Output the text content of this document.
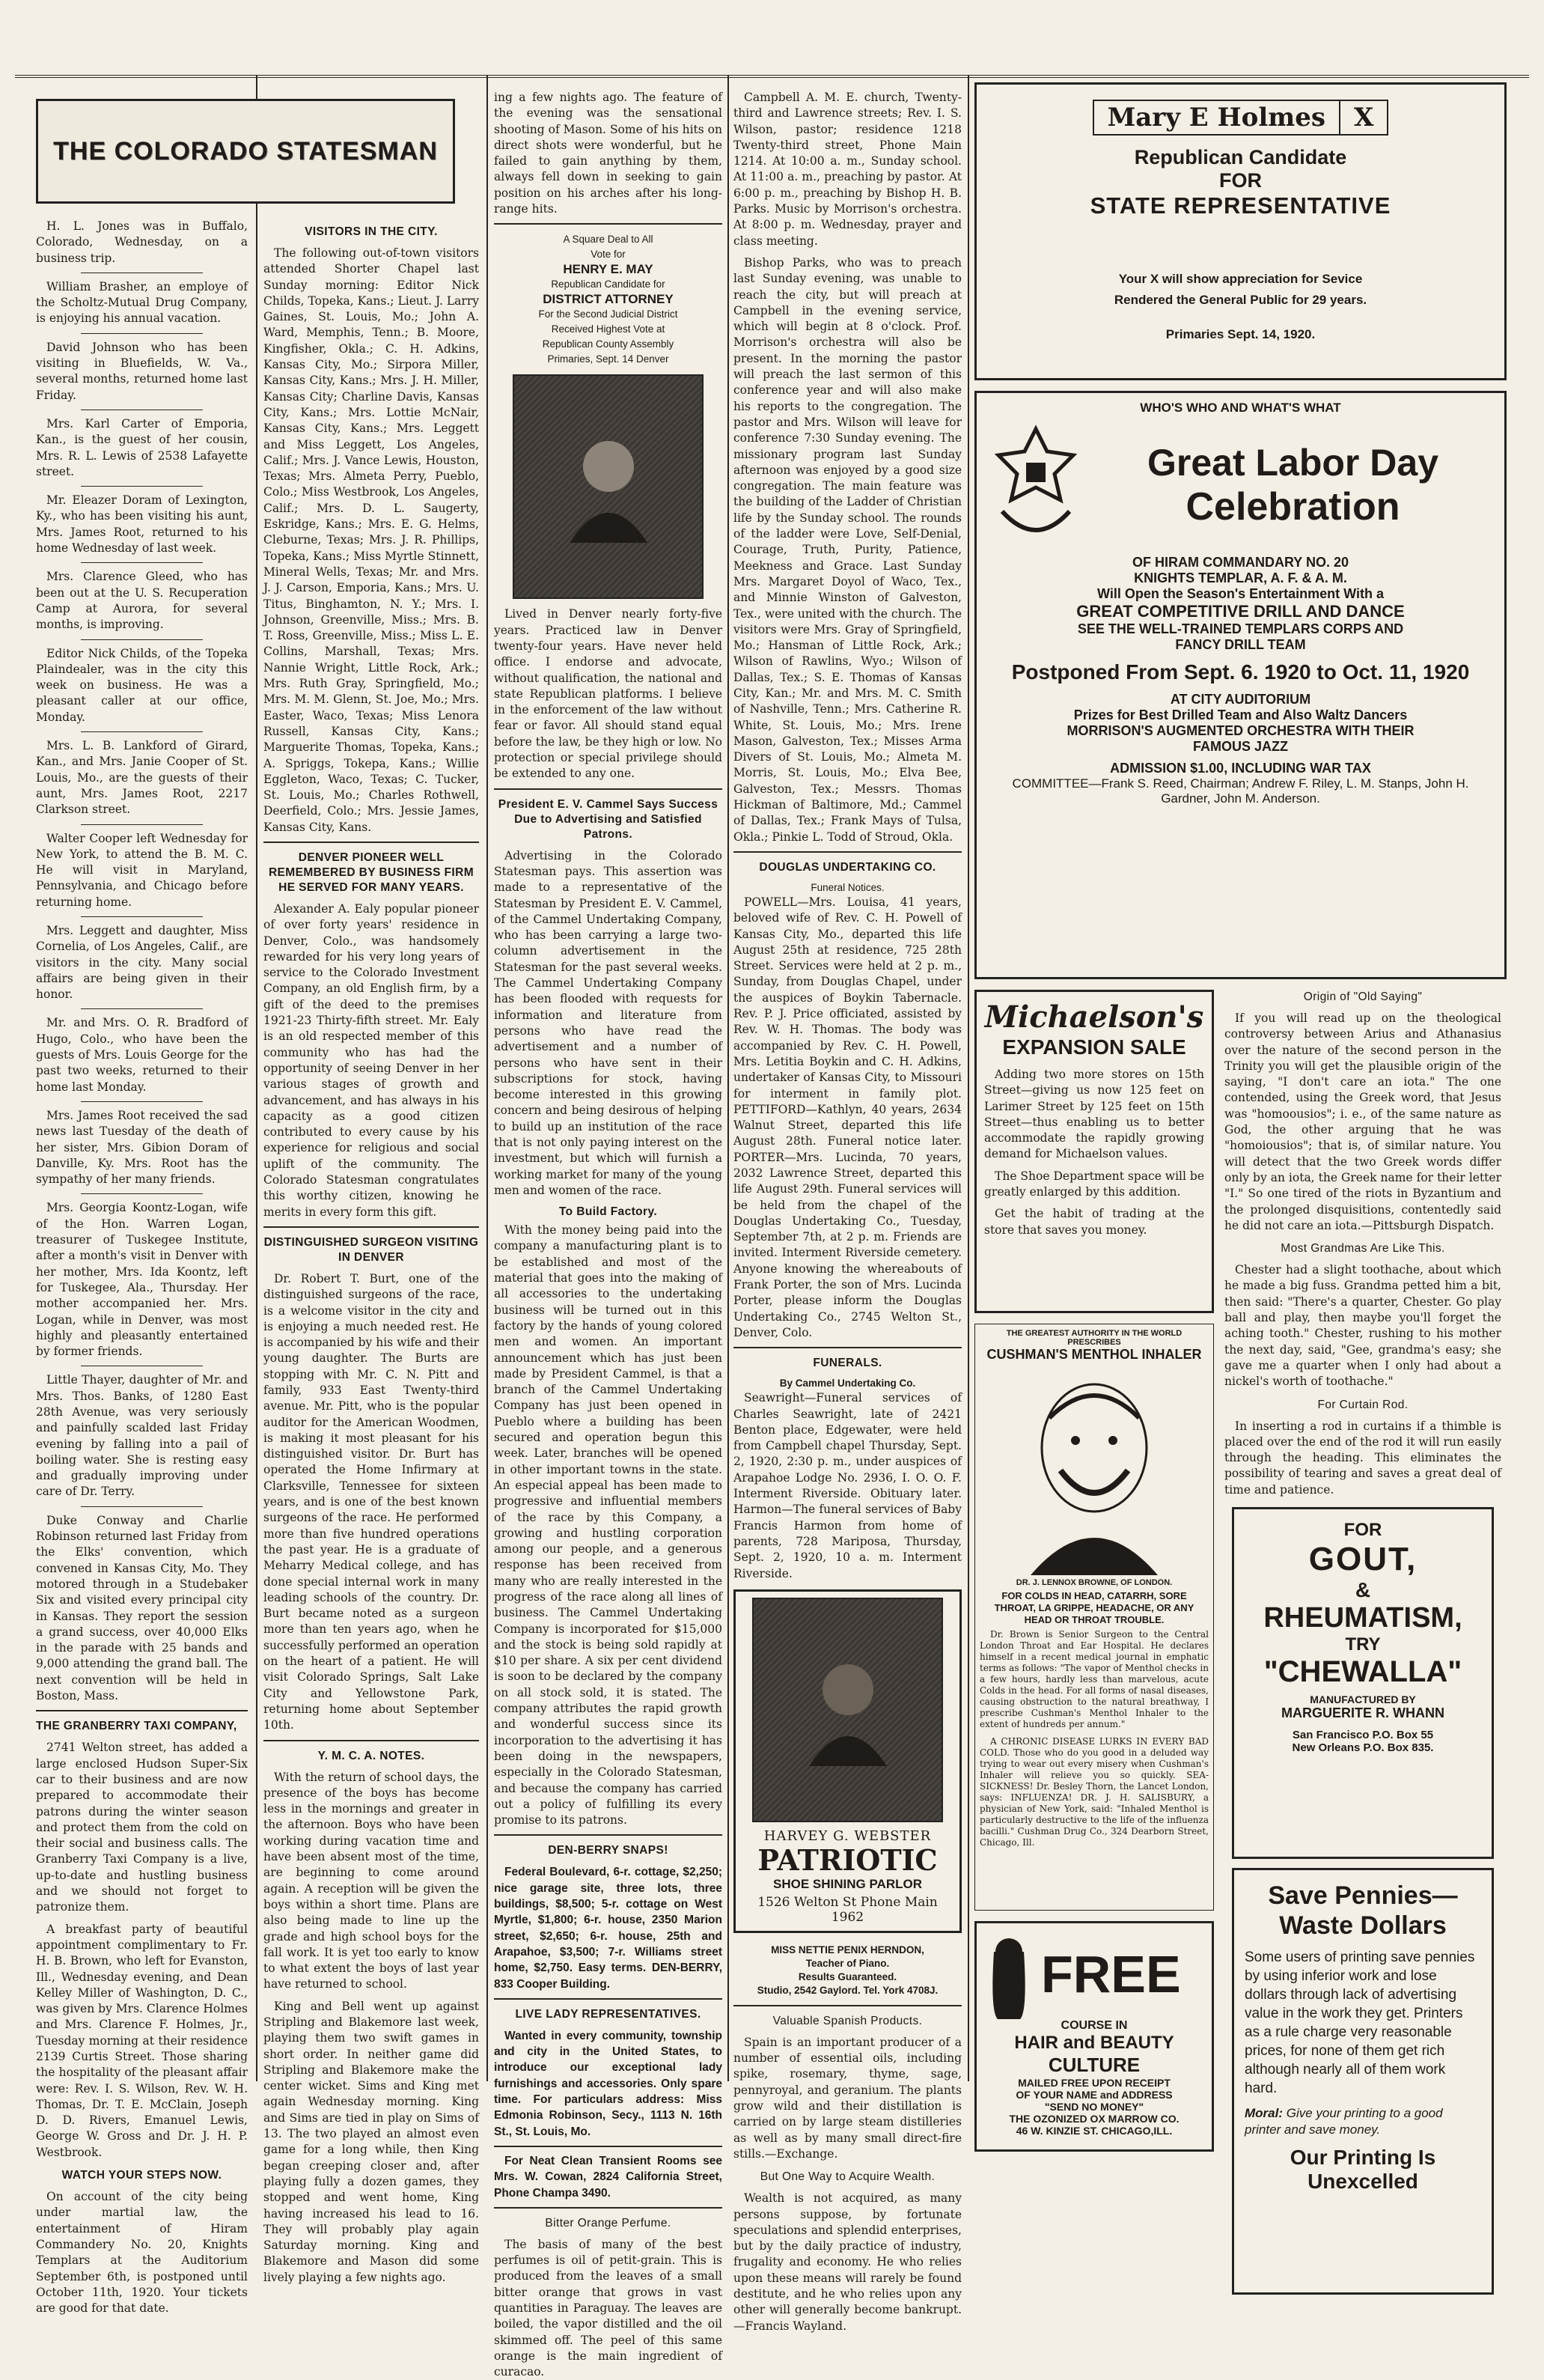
THE COLORADO STATESMAN

H. L. Jones was in Buffalo, Colorado, Wednesday, on a business trip.

William Brasher, an employe of the Scholtz-Mutual Drug Company, is enjoying his annual vacation.

David Johnson who has been visiting in Bluefields, W. Va., several months, returned home last Friday.

Mrs. Karl Carter of Emporia, Kan., is the guest of her cousin, Mrs. R. L. Lewis of 2538 Lafayette street.

Mr. Eleazer Doram of Lexington, Ky., who has been visiting his aunt, Mrs. James Root, returned to his home Wednesday of last week.

Mrs. Clarence Gleed, who has been out at the U. S. Recuperation Camp at Aurora, for several months, is improving.

Editor Nick Childs, of the Topeka Plaindealer, was in the city this week on business. He was a pleasant caller at our office, Monday.

Mrs. L. B. Lankford of Girard, Kan., and Mrs. Janie Cooper of St. Louis, Mo., are the guests of their aunt, Mrs. James Root, 2217 Clarkson street.

Walter Cooper left Wednesday for New York, to attend the B. M. C. He will visit in Maryland, Pennsylvania, and Chicago before returning home.

Mrs. Leggett and daughter, Miss Cornelia, of Los Angeles, Calif., are visitors in the city. Many social affairs are being given in their honor.

Mr. and Mrs. O. R. Bradford of Hugo, Colo., who have been the guests of Mrs. Louis George for the past two weeks, returned to their home last Monday.

Mrs. James Root received the sad news last Tuesday of the death of her sister, Mrs. Gibion Doram of Danville, Ky. Mrs. Root has the sympathy of her many friends.

Mrs. Georgia Koontz-Logan, wife of the Hon. Warren Logan, treasurer of Tuskegee Institute, after a month's visit in Denver with her mother, Mrs. Ida Koontz, left for Tuskegee, Ala., Thursday. Her mother accompanied her. Mrs. Logan, while in Denver, was most highly and pleasantly entertained by former friends.

Little Thayer, daughter of Mr. and Mrs. Thos. Banks, of 1280 East 28th Avenue, was very seriously and painfully scalded last Friday evening by falling into a pail of boiling water. She is resting easy and gradually improving under care of Dr. Terry.

Duke Conway and Charlie Robinson returned last Friday from the Elks' convention, which convened in Kansas City, Mo. They motored through in a Studebaker Six and visited every principal city in Kansas. They report the session a grand success, over 40,000 Elks in the parade with 25 bands and 9,000 attending the grand ball. The next convention will be held in Boston, Mass.

THE GRANBERRY TAXI COMPANY,

2741 Welton street, has added a large enclosed Hudson Super-Six car to their business and are now prepared to accommodate their patrons during the winter season and protect them from the cold on their social and business calls. The Granberry Taxi Company is a live, up-to-date and hustling business and we should not forget to patronize them.

A breakfast party of beautiful appointment complimentary to Fr. H. B. Brown, who left for Evanston, Ill., Wednesday evening, and Dean Kelley Miller of Washington, D. C., was given by Mrs. Clarence Holmes and Mrs. Clarence F. Holmes, Jr., Tuesday morning at their residence 2139 Curtis Street. Those sharing the hospitality of the pleasant affair were: Rev. I. S. Wilson, Rev. W. H. Thomas, Dr. T. E. McClain, Joseph D. D. Rivers, Emanuel Lewis, George W. Gross and Dr. J. H. P. Westbrook.

WATCH YOUR STEPS NOW.

On account of the city being under martial law, the entertainment of Hiram Commandery No. 20, Knights Templars at the Auditorium September 6th, is postponed until October 11th, 1920. Your tickets are good for that date.

VISITORS IN THE CITY.

The following out-of-town visitors attended Shorter Chapel last Sunday morning: Editor Nick Childs, Topeka, Kans.; Lieut. J. Larry Gaines, St. Louis, Mo.; John A. Ward, Memphis, Tenn.; B. Moore, Kingfisher, Okla.; C. H. Adkins, Kansas City, Mo.; Sirpora Miller, Kansas City, Kans.; Mrs. J. H. Miller, Kansas City; Charline Davis, Kansas City, Kans.; Mrs. Lottie McNair, Kansas City, Kans.; Mrs. Leggett and Miss Leggett, Los Angeles, Calif.; Mrs. J. Vance Lewis, Houston, Texas; Mrs. Almeta Perry, Pueblo, Colo.; Miss Westbrook, Los Angeles, Calif.; Mrs. D. L. Saugerty, Eskridge, Kans.; Mrs. E. G. Helms, Cleburne, Texas; Mrs. J. R. Phillips, Topeka, Kans.; Miss Myrtle Stinnett, Mineral Wells, Texas; Mr. and Mrs. J. J. Carson, Emporia, Kans.; Mrs. U. Titus, Binghamton, N. Y.; Mrs. I. Johnson, Greenville, Miss.; Mrs. B. T. Ross, Greenville, Miss.; Miss L. E. Collins, Marshall, Texas; Mrs. Nannie Wright, Little Rock, Ark.; Mrs. Ruth Gray, Springfield, Mo.; Mrs. M. M. Glenn, St. Joe, Mo.; Mrs. Easter, Waco, Texas; Miss Lenora Russell, Kansas City, Kans.; Marguerite Thomas, Topeka, Kans.; A. Spriggs, Tokepa, Kans.; Willie Eggleton, Waco, Texas; C. Tucker, St. Louis, Mo.; Charles Rothwell, Deerfield, Colo.; Mrs. Jessie James, Kansas City, Kans.

DENVER PIONEER WELL REMEMBERED BY BUSINESS FIRM HE SERVED FOR MANY YEARS.

Alexander A. Ealy popular pioneer of over forty years' residence in Denver, Colo., was handsomely rewarded for his very long years of service to the Colorado Investment Company, an old English firm, by a gift of the deed to the premises 1921-23 Thirty-fifth street. Mr. Ealy is an old respected member of this community who has had the opportunity of seeing Denver in her various stages of growth and advancement, and has always in his capacity as a good citizen contributed to every cause by his experience for religious and social uplift of the community. The Colorado Statesman congratulates this worthy citizen, knowing he merits in every form this gift.

DISTINGUISHED SURGEON VISITING IN DENVER

Dr. Robert T. Burt, one of the distinguished surgeons of the race, is a welcome visitor in the city and is enjoying a much needed rest. He is accompanied by his wife and their young daughter. The Burts are stopping with Mr. C. N. Pitt and family, 933 East Twenty-third avenue. Mr. Pitt, who is the popular auditor for the American Woodmen, is making it most pleasant for his distinguished visitor. Dr. Burt has operated the Home Infirmary at Clarksville, Tennessee for sixteen years, and is one of the best known surgeons of the race. He performed more than five hundred operations the past year. He is a graduate of Meharry Medical college, and has done special internal work in many leading schools of the country. Dr. Burt became noted as a surgeon more than ten years ago, when he successfully performed an operation on the heart of a patient. He will visit Colorado Springs, Salt Lake City and Yellowstone Park, returning home about September 10th.

Y. M. C. A. NOTES.

With the return of school days, the presence of the boys has become less in the mornings and greater in the afternoon. Boys who have been working during vacation time and have been absent most of the time, are beginning to come around again. A reception will be given the boys within a short time. Plans are also being made to line up the grade and high school boys for the fall work. It is yet too early to know to what extent the boys of last year have returned to school.

King and Bell went up against Stripling and Blakemore last week, playing them two swift games in short order. In neither game did Stripling and Blakemore make the center wicket. Sims and King met again Wednesday morning. King and Sims are tied in play on Sims of 13. The two played an almost even game for a long while, then King began creeping closer and, after playing fully a dozen games, they stopped and went home, King having increased his lead to 16. They will probably play again Saturday morning. King and Blakemore and Mason did some lively playing a few nights ago.

ing a few nights ago. The feature of the evening was the sensational shooting of Mason. Some of his hits on direct shots were wonderful, but he failed to gain anything by them, always fell down in seeking to gain position on his arches after his long-range hits.

A Square Deal to All
Vote for
HENRY E. MAY
Republican Candidate for
DISTRICT ATTORNEY
For the Second Judicial District
Received Highest Vote at
Republican County Assembly
Primaries, Sept. 14 Denver

Lived in Denver nearly forty-five years. Practiced law in Denver twenty-four years. Have never held office. I endorse and advocate, without qualification, the national and state Republican platforms. I believe in the enforcement of the law without fear or favor. All should stand equal before the law, be they high or low. No protection or special privilege should be extended to any one.

President E. V. Cammel Says Success Due to Advertising and Satisfied Patrons.

Advertising in the Colorado Statesman pays. This assertion was made to a representative of the Statesman by President E. V. Cammel, of the Cammel Undertaking Company, who has been carrying a large two-column advertisement in the Statesman for the past several weeks. The Cammel Undertaking Company has been flooded with requests for information and literature from persons who have read the advertisement and a number of persons who have sent in their subscriptions for stock, having become interested in this growing concern and being desirous of helping to build up an institution of the race that is not only paying interest on the investment, but which will furnish a working market for many of the young men and women of the race.

To Build Factory.

With the money being paid into the company a manufacturing plant is to be established and most of the material that goes into the making of all accessories to the undertaking business will be turned out in this factory by the hands of young colored men and women. An important announcement which has just been made by President Cammel, is that a branch of the Cammel Undertaking Company has just been opened in Pueblo where a building has been secured and operation begun this week. Later, branches will be opened in other important towns in the state. An especial appeal has been made to progressive and influential members of the race by this Company, a growing and hustling corporation among our people, and a generous response has been received from many who are really interested in the progress of the race along all lines of business. The Cammel Undertaking Company is incorporated for $15,000 and the stock is being sold rapidly at $10 per share. A six per cent dividend is soon to be declared by the company on all stock sold, it is stated. The company attributes the rapid growth and wonderful success since its incorporation to the advertising it has been doing in the newspapers, especially in the Colorado Statesman, and because the company has carried out a policy of fulfilling its every promise to its patrons.

DEN-BERRY SNAPS!

Federal Boulevard, 6-r. cottage, $2,250; nice garage site, three lots, three buildings, $8,500; 5-r. cottage on West Myrtle, $1,800; 6-r. house, 2350 Marion street, $2,650; 6-r. house, 25th and Arapahoe, $3,500; 7-r. Williams street home, $2,750. Easy terms. DEN-BERRY, 833 Cooper Building.

LIVE LADY REPRESENTATIVES.

Wanted in every community, township and city in the United States, to introduce our exceptional lady furnishings and accessories. Only spare time. For particulars address: Miss Edmonia Robinson, Secy., 1113 N. 16th St., St. Louis, Mo.

For Neat Clean Transient Rooms see Mrs. W. Cowan, 2824 California Street, Phone Champa 3490.

Bitter Orange Perfume.

The basis of many of the best perfumes is oil of petit-grain. This is produced from the leaves of a small bitter orange that grows in vast quantities in Paraguay. The leaves are boiled, the vapor distilled and the oil skimmed off. The peel of this same orange is the main ingredient of curacao.

Campbell A. M. E. church, Twenty-third and Lawrence streets; Rev. I. S. Wilson, pastor; residence 1218 Twenty-third street, Phone Main 1214. At 10:00 a. m., Sunday school. At 11:00 a. m., preaching by pastor. At 6:00 p. m., preaching by Bishop H. B. Parks. Music by Morrison's orchestra. At 8:00 p. m. Wednesday, prayer and class meeting.

Bishop Parks, who was to preach last Sunday evening, was unable to reach the city, but will preach at Campbell in the evening service, which will begin at 8 o'clock. Prof. Morrison's orchestra will also be present. In the morning the pastor will preach the last sermon of this conference year and will also make his reports to the congregation. The pastor and Mrs. Wilson will leave for conference 7:30 Sunday evening. The missionary program last Sunday afternoon was enjoyed by a good size congregation. The main feature was the building of the Ladder of Christian life by the Sunday school. The rounds of the ladder were Love, Self-Denial, Courage, Truth, Purity, Patience, Meekness and Grace. Last Sunday Mrs. Margaret Doyol of Waco, Tex., and Minnie Winston of Galveston, Tex., were united with the church. The visitors were Mrs. Gray of Springfield, Mo.; Hansman of Little Rock, Ark.; Wilson of Rawlins, Wyo.; Wilson of Dallas, Tex.; S. E. Thomas of Kansas City, Kan.; Mr. and Mrs. M. C. Smith of Nashville, Tenn.; Mrs. Catherine R. White, St. Louis, Mo.; Mrs. Irene Mason, Galveston, Tex.; Misses Arma Divers of St. Louis, Mo.; Almeta M. Morris, St. Louis, Mo.; Elva Bee, Galveston, Tex.; Messrs. Thomas Hickman of Baltimore, Md.; Cammel of Dallas, Tex.; Frank Mays of Tulsa, Okla.; Pinkie L. Todd of Stroud, Okla.

DOUGLAS UNDERTAKING CO.
Funeral Notices.

POWELL—Mrs. Louisa, 41 years, beloved wife of Rev. C. H. Powell of Kansas City, Mo., departed this life August 25th at residence, 725 28th Street. Services were held at 2 p. m., Sunday, from Douglas Chapel, under the auspices of Boykin Tabernacle. Rev. P. J. Price officiated, assisted by Rev. W. H. Thomas. The body was accompanied by Rev. C. H. Powell, Mrs. Letitia Boykin and C. H. Adkins, undertaker of Kansas City, to Missouri for interment in family plot. PETTIFORD—Kathlyn, 40 years, 2634 Walnut Street, departed this life August 28th. Funeral notice later. PORTER—Mrs. Lucinda, 70 years, 2032 Lawrence Street, departed this life August 29th. Funeral services will be held from the chapel of the Douglas Undertaking Co., Tuesday, September 7th, at 2 p. m. Friends are invited. Interment Riverside cemetery. Anyone knowing the whereabouts of Frank Porter, the son of Mrs. Lucinda Porter, please inform the Douglas Undertaking Co., 2745 Welton St., Denver, Colo.

FUNERALS.
By Cammel Undertaking Co.

Seawright—Funeral services of Charles Seawright, late of 2421 Benton place, Edgewater, were held from Campbell chapel Thursday, Sept. 2, 1920, 2:30 p. m., under auspices of Arapahoe Lodge No. 2936, I. O. O. F. Interment Riverside. Obituary later. Harmon—The funeral services of Baby Francis Harmon from home of parents, 728 Mariposa, Thursday, Sept. 2, 1920, 10 a. m. Interment Riverside.

HARVEY G. WEBSTER
PATRIOTIC
SHOE SHINING PARLOR
1526 Welton St Phone Main 1962
MISS NETTIE PENIX HERNDON,
Teacher of Piano.
Results Guaranteed.
Studio, 2542 Gaylord. Tel. York 4708J.
Valuable Spanish Products.

Spain is an important producer of a number of essential oils, including spike, rosemary, thyme, sage, pennyroyal, and geranium. The plants grow wild and their distillation is carried on by large steam distilleries as well as by many small direct-fire stills.—Exchange.

But One Way to Acquire Wealth.

Wealth is not acquired, as many persons suppose, by fortunate speculations and splendid enterprises, but by the daily practice of industry, frugality and economy. He who relies upon these means will rarely be found destitute, and he who relies upon any other will generally become bankrupt.—Francis Wayland.

Mary E Holmes	X
Republican Candidate
FOR
STATE REPRESENTATIVE
Your X will show appreciation for Sevice
Rendered the General Public for 29 years.
Primaries Sept. 14, 1920.
WHO'S WHO AND WHAT'S WHAT
Great Labor Day
Celebration
OF HIRAM COMMANDARY NO. 20
KNIGHTS TEMPLAR, A. F. & A. M.
Will Open the Season's Entertainment With a
GREAT COMPETITIVE DRILL AND DANCE
SEE THE WELL-TRAINED TEMPLARS CORPS AND
FANCY DRILL TEAM
Postponed From Sept. 6. 1920 to Oct. 11, 1920
AT CITY AUDITORIUM
Prizes for Best Drilled Team and Also Waltz Dancers
MORRISON'S AUGMENTED ORCHESTRA WITH THEIR
FAMOUS JAZZ
ADMISSION $1.00, INCLUDING WAR TAX
COMMITTEE—Frank S. Reed, Chairman; Andrew F. Riley, L. M. Stanps, John H. Gardner, John M. Anderson.
Michaelson's
EXPANSION SALE

Adding two more stores on 15th Street—giving us now 125 feet on Larimer Street by 125 feet on 15th Street—thus enabling us to better accommodate the rapidly growing demand for Michaelson values.

The Shoe Department space will be greatly enlarged by this addition.

Get the habit of trading at the store that saves you money.

THE GREATEST AUTHORITY IN THE WORLD PRESCRIBES
CUSHMAN'S MENTHOL INHALER
DR. J. LENNOX BROWNE, OF LONDON.
FOR COLDS IN HEAD, CATARRH, SORE THROAT, LA GRIPPE, HEADACHE, OR ANY HEAD OR THROAT TROUBLE.

Dr. Brown is Senior Surgeon to the Central London Throat and Ear Hospital. He declares himself in a recent medical journal in emphatic terms as follows: "The vapor of Menthol checks in a few hours, hardly less than marvelous, acute Colds in the head. For all forms of nasal diseases, causing obstruction to the natural breathway, I prescribe Cushman's Menthol Inhaler to the extent of hundreds per annum."

A CHRONIC DISEASE LURKS IN EVERY BAD COLD. Those who do you good in a deluded way trying to wear out every misery when Cushman's Inhaler will relieve you so quickly. SEA-SICKNESS! Dr. Besley Thorn, the Lancet London, says: INFLUENZA! DR. J. H. SALISBURY, a physician of New York, said: "Inhaled Menthol is particularly destructive to the life of the influenza bacilli." Cushman Drug Co., 324 Dearborn Street, Chicago, Ill.

FREE
COURSE IN
HAIR and BEAUTY
CULTURE
MAILED FREE UPON RECEIPT
OF YOUR NAME and ADDRESS
"SEND NO MONEY"
THE OZONIZED OX MARROW CO.
46 W. KINZIE ST. CHICAGO,ILL.
Origin of "Old Saying"

If you will read up on the theological controversy between Arius and Athanasius over the nature of the second person in the Trinity you will get the plausible origin of the saying, "I don't care an iota." The one contended, using the Greek word, that Jesus was "homoousios"; i. e., of the same nature as God, the other arguing that he was "homoiousios"; that is, of similar nature. You will detect that the two Greek words differ only by an iota, the Greek name for their letter "I." So one tired of the riots in Byzantium and the prolonged disquisitions, contentedly said he did not care an iota.—Pittsburgh Dispatch.

Most Grandmas Are Like This.

Chester had a slight toothache, about which he made a big fuss. Grandma petted him a bit, then said: "There's a quarter, Chester. Go play ball and play, then maybe you'll forget the aching tooth." Chester, rushing to his mother the next day, said, "Gee, grandma's easy; she gave me a quarter when I only had about a nickel's worth of toothache."

For Curtain Rod.

In inserting a rod in curtains if a thimble is placed over the end of the rod it will run easily through the heading. This eliminates the possibility of tearing and saves a great deal of time and patience.

FOR
GOUT,
&
RHEUMATISM,
TRY
"CHEWALLA"
MANUFACTURED BY
MARGUERITE R. WHANN
San Francisco P.O. Box 55
New Orleans P.O. Box 835.
Save Pennies—
Waste Dollars

Some users of printing save pennies by using inferior work and lose dollars through lack of advertising value in the work they get. Printers as a rule charge very reasonable prices, for none of them get rich although nearly all of them work hard.

Moral: Give your printing to a good printer and save money.

Our Printing Is
Unexcelled
